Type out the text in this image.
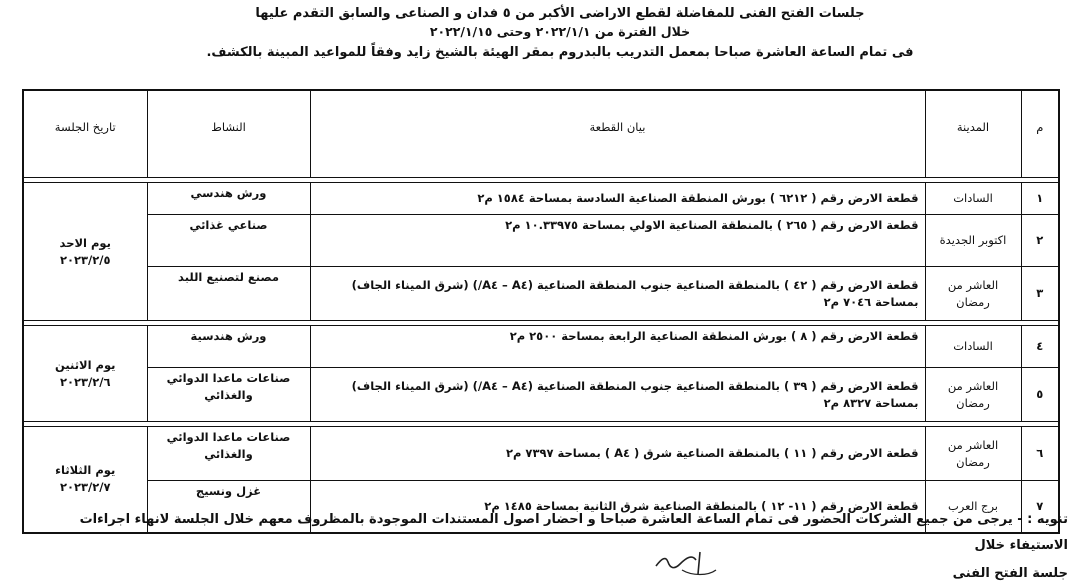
جلسات الفتح الفنى للمفاضلة لقطع الاراضى الأكبر من ٥ فدان و الصناعى والسابق التقدم عليها
خلال الفترة من ٢٠٢٢/١/١ وحتى ٢٠٢٢/١/١٥
فى تمام الساعة العاشرة صباحا بمعمل التدريب بالبدروم بمقر الهيئة بالشيخ زايد وفقاً للمواعيد المبينة بالكشف.
م	المدينة	بيان القطعة	النشاط	تاريخ الجلسة

١	السادات	قطعة الارض رقم ( ٦٢١٢ ) بورش المنطقة الصناعية السادسة بمساحة ١٥٨٤ م٢	ورش هندسي	يوم الاحد
٢٠٢٣/٢/٥

٢	اكتوبر الجديدة	قطعة الارض رقم ( ٢٦٥ ) بالمنطقة الصناعية الاولي بمساحة ١٠.٣٣٩٧٥ م٢	صناعي غذائي	
٣	العاشر من رمضان	قطعة الارض رقم ( ٤٢ ) بالمنطقة الصناعية جنوب المنطقة الصناعية (A٤ – A٤/) (شرق الميناء الجاف) بمساحة ٧٠٤٦ م٢	مصنع لتصنيع اللبد	

٤	السادات	قطعة الارض رقم ( ٨ ) بورش المنطقة الصناعية الرابعة بمساحة ٢٥٠٠ م٢	ورش هندسية	يوم الاثنين
٢٠٢٣/٢/٦

٥	العاشر من رمضان	قطعة الارض رقم ( ٣٩ ) بالمنطقة الصناعية جنوب المنطقة الصناعية (A٤ – A٤/) (شرق الميناء الجاف) بمساحة ٨٣٢٧ م٢	صناعات ماعدا الدوائي والغذائي	

٦	العاشر من رمضان	قطعة الارض رقم ( ١١ ) بالمنطقة الصناعية شرق ( A٤ ) بمساحة ٧٣٩٧ م٢	صناعات ماعدا الدوائي والغذائي	يوم الثلاثاء
٢٠٢٣/٢/٧

٧	برج العرب	قطعة الارض رقم ( ١١- ١٢ ) بالمنطقة الصناعية شرق الثانية بمساحة ١٤٨٥ م٢	غزل ونسيج	
تنويه : - يرجى من جميع الشركات الحضور فى تمام الساعة العاشرة صباحا و احضار اصول المستندات الموجودة بالمظروف معهم خلال الجلسة لانهاء اجراءات الاستيفاء خلال
جلسة الفتح الفنى
